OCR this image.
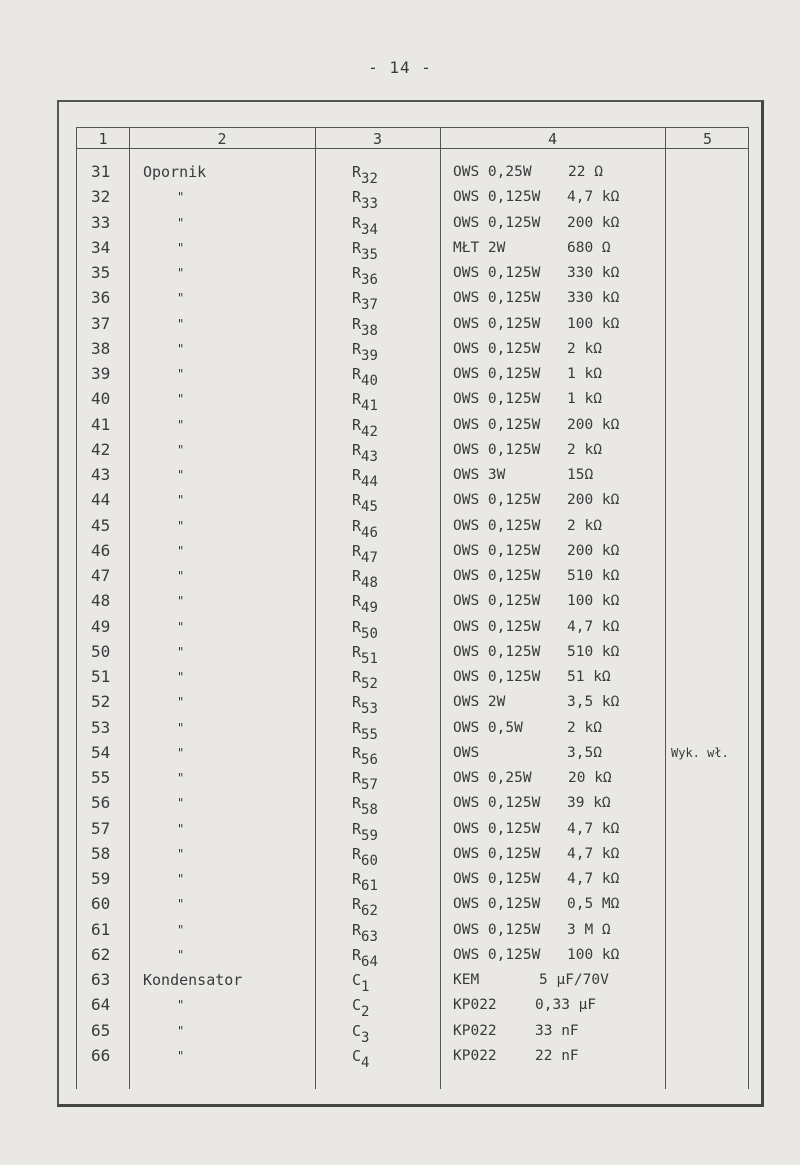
- 14 -
1	2	3	4	5
31 Opornik	$R_{32}$	OWS 0,25W	22 Ω
32	"	$R_{33}$	OWS 0,125W 4,7 kΩ
33	"	$R_{34}$	OWS 0,125W 200 kΩ
34	"	$R_{35}$	MŁT 2W	680 Ω
35	"	$R_{36}$	OWS 0,125W 330 kΩ
36	"	$R_{37}$	OWS 0,125W 330 kΩ
37	"	$R_{38}$	OWS 0,125W 100 kΩ
38	"	$R_{39}$	OWS 0,125W 2 kΩ
39	"	$R_{40}$	OWS 0,125W 1 kΩ
40	"	$R_{41}$	OWS 0,125W 1 kΩ
41	"	$R_{42}$	OWS 0,125W 200 kΩ
42	"	$R_{43}$	OWS 0,125W 2 kΩ
43	"	$R_{44}$	OWS 3W	15Ω
44	"	$R_{45}$	OWS 0,125W 200 kΩ
45	"	$R_{46}$	OWS 0,125W 2 kΩ
46	"	$R_{47}$	OWS 0,125W 200 kΩ
47	"	$R_{48}$	OWS 0,125W 510 kΩ
48	"	$R_{49}$	OWS 0,125W 100 kΩ
49	"	$R_{50}$	OWS 0,125W 4,7 kΩ
50	"	$R_{51}$	OWS 0,125W 510 kΩ
51	"	$R_{52}$	OWS 0,125W 51 kΩ
52	"	$R_{53}$	OWS 2W	3,5 kΩ
53	"	$R_{55}$	OWS 0,5W	2 kΩ
54	"	$R_{56}$	OWS	3,5Ω	Wyk. wł.
55	"	$R_{57}$	OWS 0,25W	20 kΩ
56	"	$R_{58}$	OWS 0,125W 39 kΩ
57	"	$R_{59}$	OWS 0,125W 4,7 kΩ
58	"	$R_{60}$	OWS 0,125W 4,7 kΩ
59	"	$R_{61}$	OWS 0,125W 4,7 kΩ
60	"	$R_{62}$	OWS 0,125W 0,5 MΩ
61	"	$R_{63}$	OWS 0,125W 3 M Ω
62	"	$R_{64}$	OWS 0,125W 100 kΩ
63 Kondensator	$C_1$	KEM	5 µF/70V
64	"	$C_2$	KP022	0,33 µF
65	"	$C_3$	KP022	33 nF
66	"	$C_4$	KP022	22 nF
